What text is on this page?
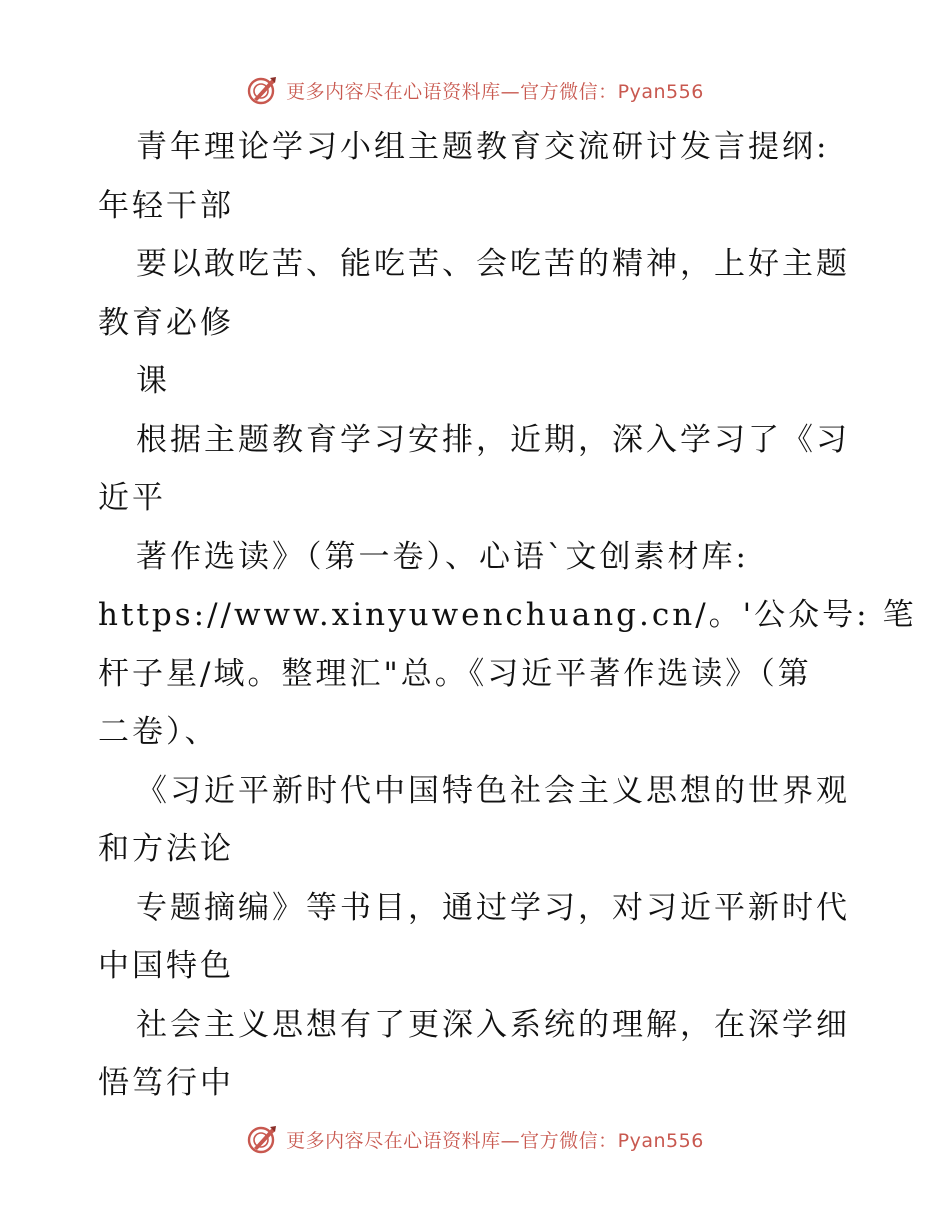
更多内容尽在心语资料库—官方微信：Pyan556
青年理论学习小组主题教育交流研讨发言提纲:
年轻干部
要以敢吃苦、能吃苦、会吃苦的精神，上好主题
教育必修
课
根据主题教育学习安排，近期，深入学习了《习
近平
著作选读》（第一卷）、心语`文创素材库:
https://www.xinyuwenchuang.cn/。'公众号: 笔
杆子星/域。整理汇"总。《习近平著作选读》（第
二卷）、
《习近平新时代中国特色社会主义思想的世界观
和方法论
专题摘编》等书目，通过学习，对习近平新时代
中国特色
社会主义思想有了更深入系统的理解，在深学细
悟笃行中
更多内容尽在心语资料库—官方微信：Pyan556
